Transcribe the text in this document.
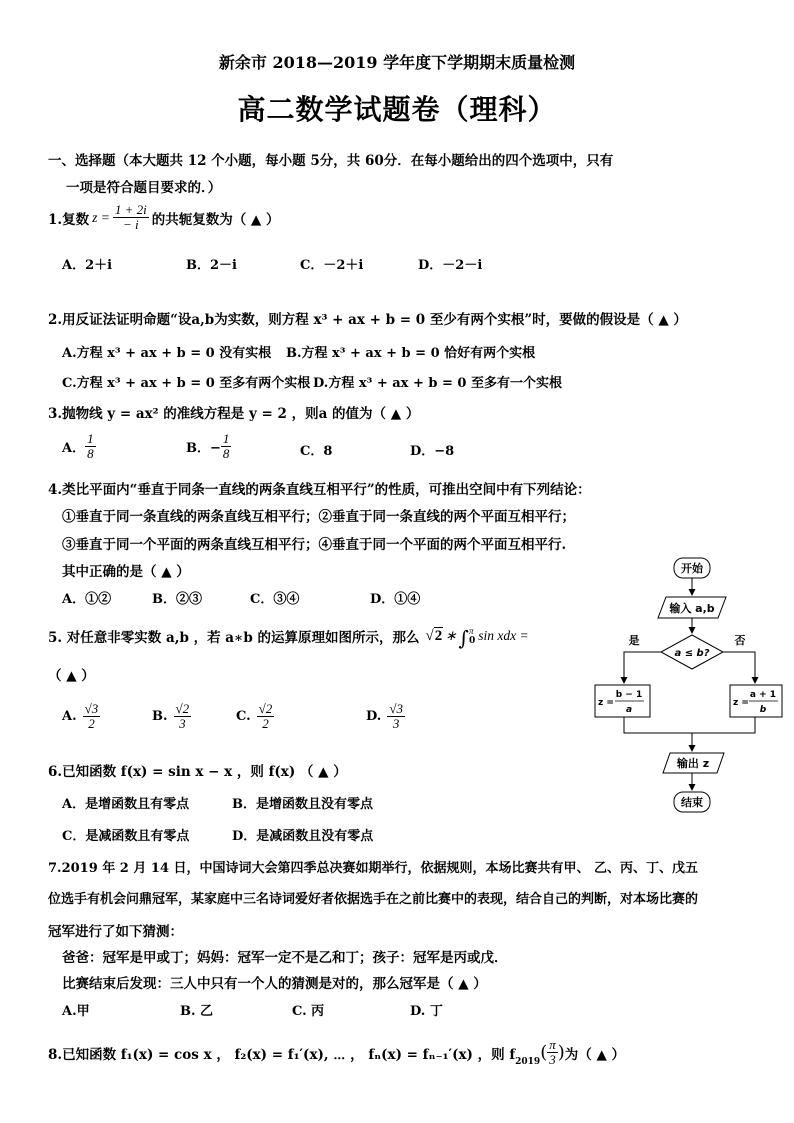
新余市 2018—2019 学年度下学期期末质量检测
高二数学试题卷（理科）
一、选择题（本大题共 12 个小题，每小题 5分，共 60分．在每小题给出的四个选项中，只有
一项是符合题目要求的．）
1.复数 $z = \frac{1 + 2i}{- i}$ 的共轭复数为（ ▲ ）
A．2＋i	B．2－i	C．－2＋i	D．－2－i
2.用反证法证明命题“设a,b为实数，则方程 x³ + ax + b = 0 至少有两个实根”时，要做的假设是（ ▲ ）
A.方程 x³ + ax + b = 0 没有实根 B.方程 x³ + ax + b = 0 恰好有两个实根
C.方程 x³ + ax + b = 0 至多有两个实根 D.方程 x³ + ax + b = 0 至多有一个实根
3.抛物线 y = ax² 的准线方程是 y = 2 ，则a 的值为（ ▲ ）
A． $\frac{1}{8}$	B．− $\frac{1}{8}$	C．8	D．−8
4.类比平面内“垂直于同条一直线的两条直线互相平行”的性质，可推出空间中有下列结论：
①垂直于同一条直线的两条直线互相平行；②垂直于同一条直线的两个平面互相平行；
③垂直于同一个平面的两条直线互相平行；④垂直于同一个平面的两个平面互相平行.
其中正确的是（ ▲ ）
A．①②	B．②③	C．③④	D．①④
5. 对任意非零实数 a,b ，若 a∗b 的运算原理如图所示，那么 √2 ∗ ∫ π
0 sin xdx =
（ ▲ ）
A. $\frac{√3}{2}$	B. $\frac{√2}{3}$	C. $\frac{√2}{2}$	D. $\frac{√3}{3}$
6.已知函数 f(x) = sin x − x ，则 f(x) （ ▲ ）
A．是增函数且有零点	B．是增函数且没有零点
C．是减函数且有零点	D．是减函数且没有零点
7.2019 年 2 月 14 日，中国诗词大会第四季总决赛如期举行，依据规则，本场比赛共有甲、 乙、丙、丁、戊五
位选手有机会问鼎冠军，某家庭中三名诗词爱好者依据选手在之前比赛中的表现，结合自己的判断，对本场比赛的
冠军进行了如下猜测：
爸爸：冠军是甲或丁；妈妈：冠军一定不是乙和丁；孩子：冠军是丙或戊．
比赛结束后发现：三人中只有一个人的猜测是对的，那么冠军是（ ▲ ）
A.甲	B. 乙	C. 丙	D. 丁
8.已知函数 f₁(x) = cos x ， f₂(x) = f₁′(x), ⋯ ， fₙ(x) = fₙ₋₁′(x) ，则 $f_{2019}$ ( $\frac{\pi}{3}$ ) 为（ ▲ ）
开始
输入 a,b
a ≤ b?
是	否
z =
b − 1
a
z =
a + 1
b
输出 z
结束
